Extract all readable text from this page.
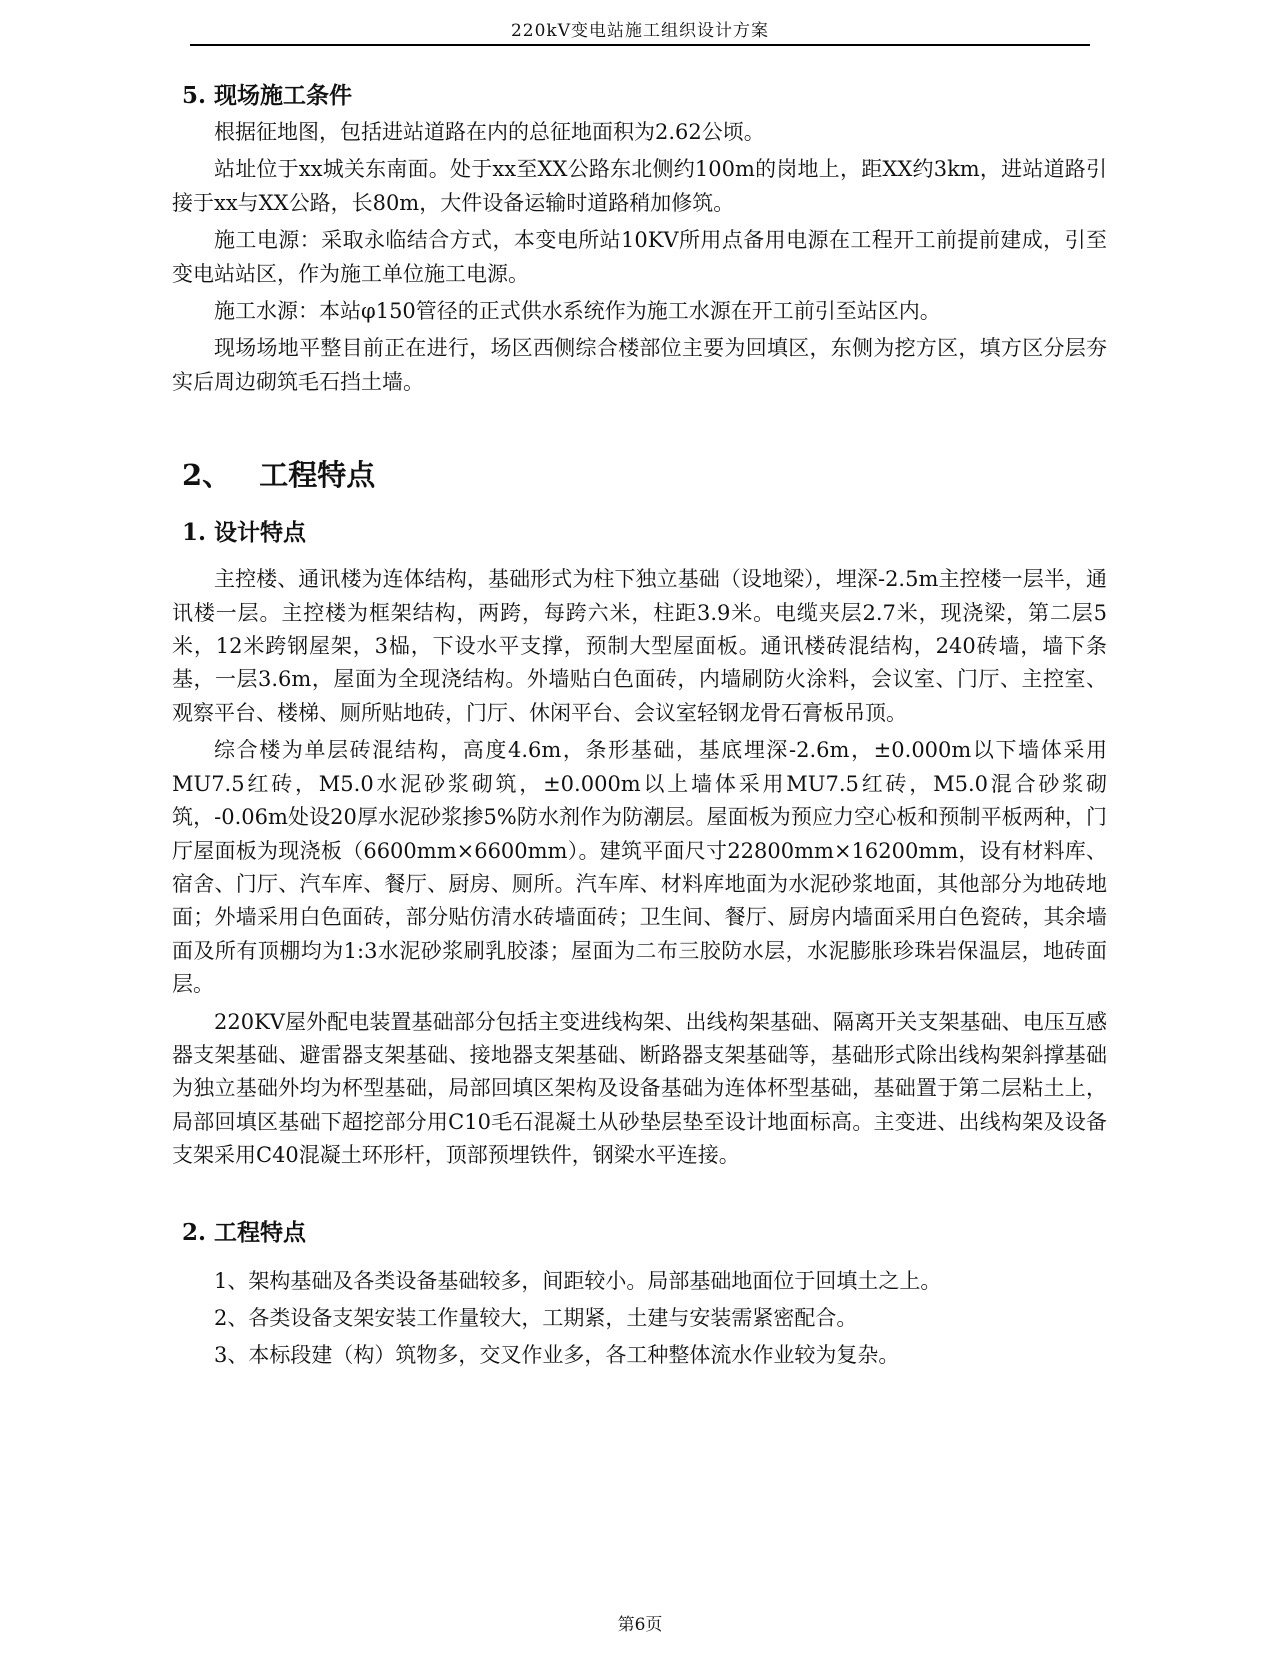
220kV变电站施工组织设计方案
5. 现场施工条件

根据征地图，包括进站道路在内的总征地面积为2.62公顷。

站址位于xx城关东南面。处于xx至XX公路东北侧约100m的岗地上，距XX约3km，进站道路引接于xx与XX公路，长80m，大件设备运输时道路稍加修筑。

施工电源：采取永临结合方式，本变电所站10KV所用点备用电源在工程开工前提前建成，引至变电站站区，作为施工单位施工电源。

施工水源：本站φ150管径的正式供水系统作为施工水源在开工前引至站区内。

现场场地平整目前正在进行，场区西侧综合楼部位主要为回填区，东侧为挖方区，填方区分层夯实后周边砌筑毛石挡土墙。

2、 工程特点
1. 设计特点

主控楼、通讯楼为连体结构，基础形式为柱下独立基础（设地梁），埋深-2.5m主控楼一层半，通讯楼一层。主控楼为框架结构，两跨，每跨六米，柱距3.9米。电缆夹层2.7米，现浇梁，第二层5米，12米跨钢屋架，3榀，下设水平支撑，预制大型屋面板。通讯楼砖混结构，240砖墙，墙下条基，一层3.6m，屋面为全现浇结构。外墙贴白色面砖，内墙刷防火涂料，会议室、门厅、主控室、观察平台、楼梯、厕所贴地砖，门厅、休闲平台、会议室轻钢龙骨石膏板吊顶。

综合楼为单层砖混结构，高度4.6m，条形基础，基底埋深-2.6m，±0.000m以下墙体采用MU7.5红砖，M5.0水泥砂浆砌筑，±0.000m以上墙体采用MU7.5红砖，M5.0混合砂浆砌筑，-0.06m处设20厚水泥砂浆掺5%防水剂作为防潮层。屋面板为预应力空心板和预制平板两种，门厅屋面板为现浇板（6600mm×6600mm）。建筑平面尺寸22800mm×16200mm，设有材料库、宿舍、门厅、汽车库、餐厅、厨房、厕所。汽车库、材料库地面为水泥砂浆地面，其他部分为地砖地面；外墙采用白色面砖，部分贴仿清水砖墙面砖；卫生间、餐厅、厨房内墙面采用白色瓷砖，其余墙面及所有顶棚均为1:3水泥砂浆刷乳胶漆；屋面为二布三胶防水层，水泥膨胀珍珠岩保温层，地砖面层。

220KV屋外配电装置基础部分包括主变进线构架、出线构架基础、隔离开关支架基础、电压互感器支架基础、避雷器支架基础、接地器支架基础、断路器支架基础等，基础形式除出线构架斜撑基础为独立基础外均为杯型基础，局部回填区架构及设备基础为连体杯型基础，基础置于第二层粘土上，局部回填区基础下超挖部分用C10毛石混凝土从砂垫层垫至设计地面标高。主变进、出线构架及设备支架采用C40混凝土环形杆，顶部预埋铁件，钢梁水平连接。

2. 工程特点

1、架构基础及各类设备基础较多，间距较小。局部基础地面位于回填土之上。

2、各类设备支架安装工作量较大，工期紧，土建与安装需紧密配合。

3、本标段建（构）筑物多，交叉作业多，各工种整体流水作业较为复杂。

第6页
